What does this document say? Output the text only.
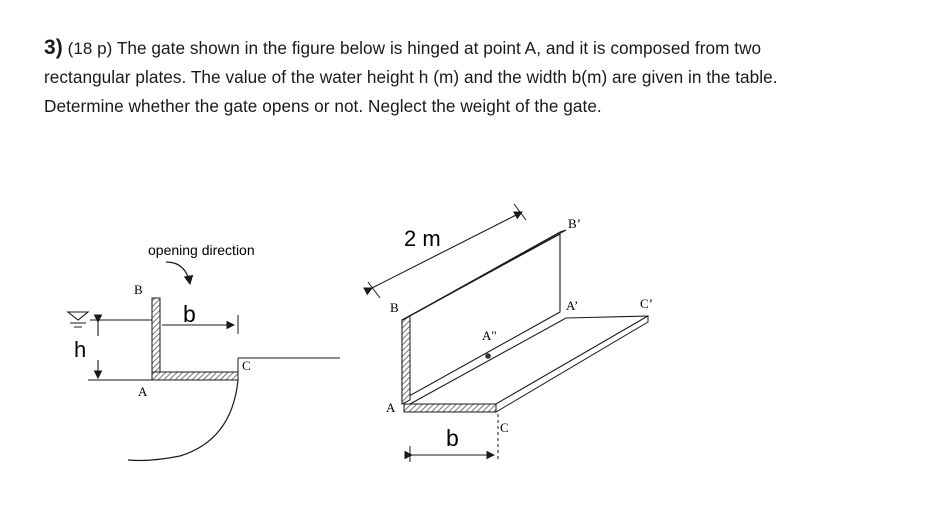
3) (18 p) The gate shown in the figure below is hinged at point A, and it is composed from two
rectangular plates. The value of the water height h (m) and the width b(m) are given in the table.
Determine whether the gate opens or not. Neglect the weight of the gate.
opening direction
h
B
b
C
A
2 m
A"
B’
B	A’	C’
A
C
b
